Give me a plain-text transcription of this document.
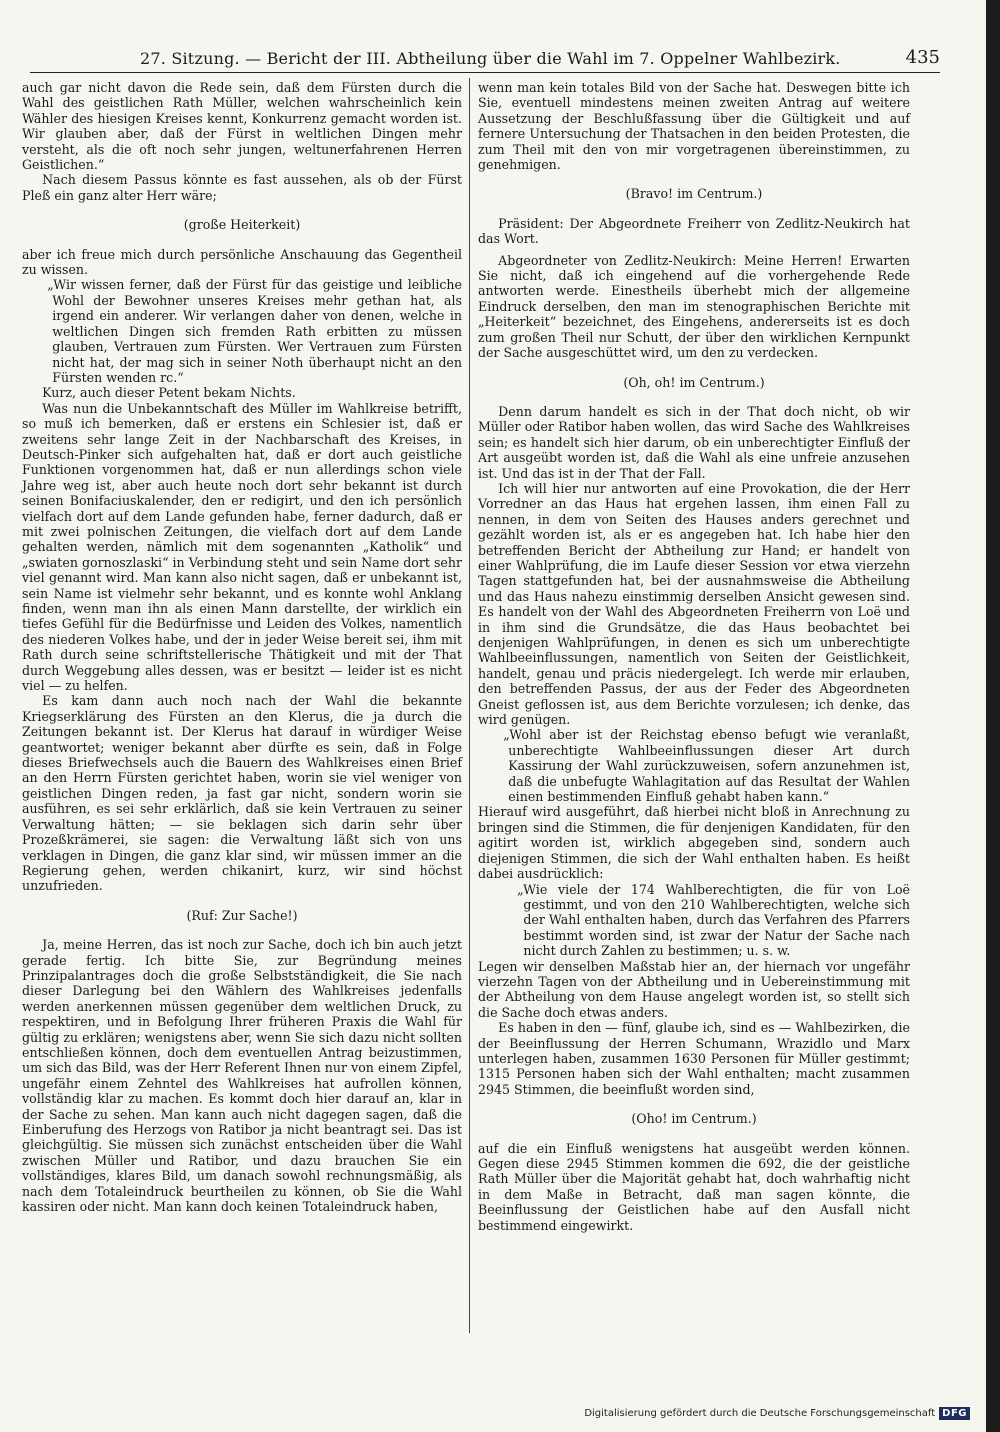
27. Sitzung. — Bericht der III. Abtheilung über die Wahl im 7. Oppelner Wahlbezirk.	435

auch gar nicht davon die Rede sein, daß dem Fürsten durch die Wahl des geistlichen Rath Müller, welchen wahrscheinlich kein Wähler des hiesigen Kreises kennt, Konkurrenz gemacht worden ist. Wir glauben aber, daß der Fürst in weltlichen Dingen mehr versteht, als die oft noch sehr jungen, weltunerfahrenen Herren Geistlichen.“

Nach diesem Passus könnte es fast aussehen, als ob der Fürst Pleß ein ganz alter Herr wäre;

(große Heiterkeit)

aber ich freue mich durch persönliche Anschauung das Gegentheil zu wissen.

„Wir wissen ferner, daß der Fürst für das geistige und leibliche Wohl der Bewohner unseres Kreises mehr gethan hat, als irgend ein anderer. Wir verlangen daher von denen, welche in weltlichen Dingen sich fremden Rath erbitten zu müssen glauben, Vertrauen zum Fürsten. Wer Vertrauen zum Fürsten nicht hat, der mag sich in seiner Noth überhaupt nicht an den Fürsten wenden rc.“

Kurz, auch dieser Petent bekam Nichts.

Was nun die Unbekanntschaft des Müller im Wahlkreise betrifft, so muß ich bemerken, daß er erstens ein Schlesier ist, daß er zweitens sehr lange Zeit in der Nachbarschaft des Kreises, in Deutsch-Pinker sich aufgehalten hat, daß er dort auch geistliche Funktionen vorgenommen hat, daß er nun allerdings schon viele Jahre weg ist, aber auch heute noch dort sehr bekannt ist durch seinen Bonifaciuskalender, den er redigirt, und den ich persönlich vielfach dort auf dem Lande gefunden habe, ferner dadurch, daß er mit zwei polnischen Zeitungen, die vielfach dort auf dem Lande gehalten werden, nämlich mit dem sogenannten „Katholik“ und „swiaten gornoszlaski“ in Verbindung steht und sein Name dort sehr viel genannt wird. Man kann also nicht sagen, daß er unbekannt ist, sein Name ist vielmehr sehr bekannt, und es konnte wohl Anklang finden, wenn man ihn als einen Mann darstellte, der wirklich ein tiefes Gefühl für die Bedürfnisse und Leiden des Volkes, namentlich des niederen Volkes habe, und der in jeder Weise bereit sei, ihm mit Rath durch seine schriftstellerische Thätigkeit und mit der That durch Weggebung alles dessen, was er besitzt — leider ist es nicht viel — zu helfen.

Es kam dann auch noch nach der Wahl die bekannte Kriegserklärung des Fürsten an den Klerus, die ja durch die Zeitungen bekannt ist. Der Klerus hat darauf in würdiger Weise geantwortet; weniger bekannt aber dürfte es sein, daß in Folge dieses Briefwechsels auch die Bauern des Wahlkreises einen Brief an den Herrn Fürsten gerichtet haben, worin sie viel weniger von geistlichen Dingen reden, ja fast gar nicht, sondern worin sie ausführen, es sei sehr erklärlich, daß sie kein Vertrauen zu seiner Verwaltung hätten; — sie beklagen sich darin sehr über Prozeßkrämerei, sie sagen: die Verwaltung läßt sich von uns verklagen in Dingen, die ganz klar sind, wir müssen immer an die Regierung gehen, werden chikanirt, kurz, wir sind höchst unzufrieden.

(Ruf: Zur Sache!)

Ja, meine Herren, das ist noch zur Sache, doch ich bin auch jetzt gerade fertig. Ich bitte Sie, zur Begründung meines Prinzipalantrages doch die große Selbstständigkeit, die Sie nach dieser Darlegung bei den Wählern des Wahlkreises jedenfalls werden anerkennen müssen gegenüber dem weltlichen Druck, zu respektiren, und in Befolgung Ihrer früheren Praxis die Wahl für gültig zu erklären; wenigstens aber, wenn Sie sich dazu nicht sollten entschließen können, doch dem eventuellen Antrag beizustimmen, um sich das Bild, was der Herr Referent Ihnen nur von einem Zipfel, ungefähr einem Zehntel des Wahlkreises hat aufrollen können, vollständig klar zu machen. Es kommt doch hier darauf an, klar in der Sache zu sehen. Man kann auch nicht dagegen sagen, daß die Einberufung des Herzogs von Ratibor ja nicht beantragt sei. Das ist gleichgültig. Sie müssen sich zunächst entscheiden über die Wahl zwischen Müller und Ratibor, und dazu brauchen Sie ein vollständiges, klares Bild, um danach sowohl rechnungsmäßig, als nach dem Totaleindruck beurtheilen zu können, ob Sie die Wahl kassiren oder nicht. Man kann doch keinen Totaleindruck haben,

wenn man kein totales Bild von der Sache hat. Deswegen bitte ich Sie, eventuell mindestens meinen zweiten Antrag auf weitere Aussetzung der Beschlußfassung über die Gültigkeit und auf fernere Untersuchung der Thatsachen in den beiden Protesten, die zum Theil mit den von mir vorgetragenen übereinstimmen, zu genehmigen.

(Bravo! im Centrum.)

Präsident: Der Abgeordnete Freiherr von Zedlitz-Neukirch hat das Wort.

Abgeordneter von Zedlitz-Neukirch: Meine Herren! Erwarten Sie nicht, daß ich eingehend auf die vorhergehende Rede antworten werde. Einestheils überhebt mich der allgemeine Eindruck derselben, den man im stenographischen Berichte mit „Heiterkeit“ bezeichnet, des Eingehens, andererseits ist es doch zum großen Theil nur Schutt, der über den wirklichen Kernpunkt der Sache ausgeschüttet wird, um den zu verdecken.

(Oh, oh! im Centrum.)

Denn darum handelt es sich in der That doch nicht, ob wir Müller oder Ratibor haben wollen, das wird Sache des Wahlkreises sein; es handelt sich hier darum, ob ein unberechtigter Einfluß der Art ausgeübt worden ist, daß die Wahl als eine unfreie anzusehen ist. Und das ist in der That der Fall.

Ich will hier nur antworten auf eine Provokation, die der Herr Vorredner an das Haus hat ergehen lassen, ihm einen Fall zu nennen, in dem von Seiten des Hauses anders gerechnet und gezählt worden ist, als er es angegeben hat. Ich habe hier den betreffenden Bericht der Abtheilung zur Hand; er handelt von einer Wahlprüfung, die im Laufe dieser Session vor etwa vierzehn Tagen stattgefunden hat, bei der ausnahmsweise die Abtheilung und das Haus nahezu einstimmig derselben Ansicht gewesen sind. Es handelt von der Wahl des Abgeordneten Freiherrn von Loë und in ihm sind die Grundsätze, die das Haus beobachtet bei denjenigen Wahlprüfungen, in denen es sich um unberechtigte Wahlbeeinflussungen, namentlich von Seiten der Geistlichkeit, handelt, genau und präcis niedergelegt. Ich werde mir erlauben, den betreffenden Passus, der aus der Feder des Abgeordneten Gneist geflossen ist, aus dem Berichte vorzulesen; ich denke, das wird genügen.

„Wohl aber ist der Reichstag ebenso befugt wie veranlaßt, unberechtigte Wahlbeeinflussungen dieser Art durch Kassirung der Wahl zurückzuweisen, sofern anzunehmen ist, daß die unbefugte Wahlagitation auf das Resultat der Wahlen einen bestimmenden Einfluß gehabt haben kann.“

Hierauf wird ausgeführt, daß hierbei nicht bloß in Anrechnung zu bringen sind die Stimmen, die für denjenigen Kandidaten, für den agitirt worden ist, wirklich abgegeben sind, sondern auch diejenigen Stimmen, die sich der Wahl enthalten haben. Es heißt dabei ausdrücklich:

„Wie viele der 174 Wahlberechtigten, die für von Loë gestimmt, und von den 210 Wahlberechtigten, welche sich der Wahl enthalten haben, durch das Verfahren des Pfarrers bestimmt worden sind, ist zwar der Natur der Sache nach nicht durch Zahlen zu bestimmen; u. s. w.

Legen wir denselben Maßstab hier an, der hiernach vor ungefähr vierzehn Tagen von der Abtheilung und in Uebereinstimmung mit der Abtheilung von dem Hause angelegt worden ist, so stellt sich die Sache doch etwas anders.

Es haben in den — fünf, glaube ich, sind es — Wahlbezirken, die der Beeinflussung der Herren Schumann, Wrazidlo und Marx unterlegen haben, zusammen 1630 Personen für Müller gestimmt; 1315 Personen haben sich der Wahl enthalten; macht zusammen 2945 Stimmen, die beeinflußt worden sind,

(Oho! im Centrum.)

auf die ein Einfluß wenigstens hat ausgeübt werden können. Gegen diese 2945 Stimmen kommen die 692, die der geistliche Rath Müller über die Majorität gehabt hat, doch wahrhaftig nicht in dem Maße in Betracht, daß man sagen könnte, die Beeinflussung der Geistlichen habe auf den Ausfall nicht bestimmend eingewirkt.

Digitalisierung gefördert durch die Deutsche Forschungsgemeinschaft DFG
